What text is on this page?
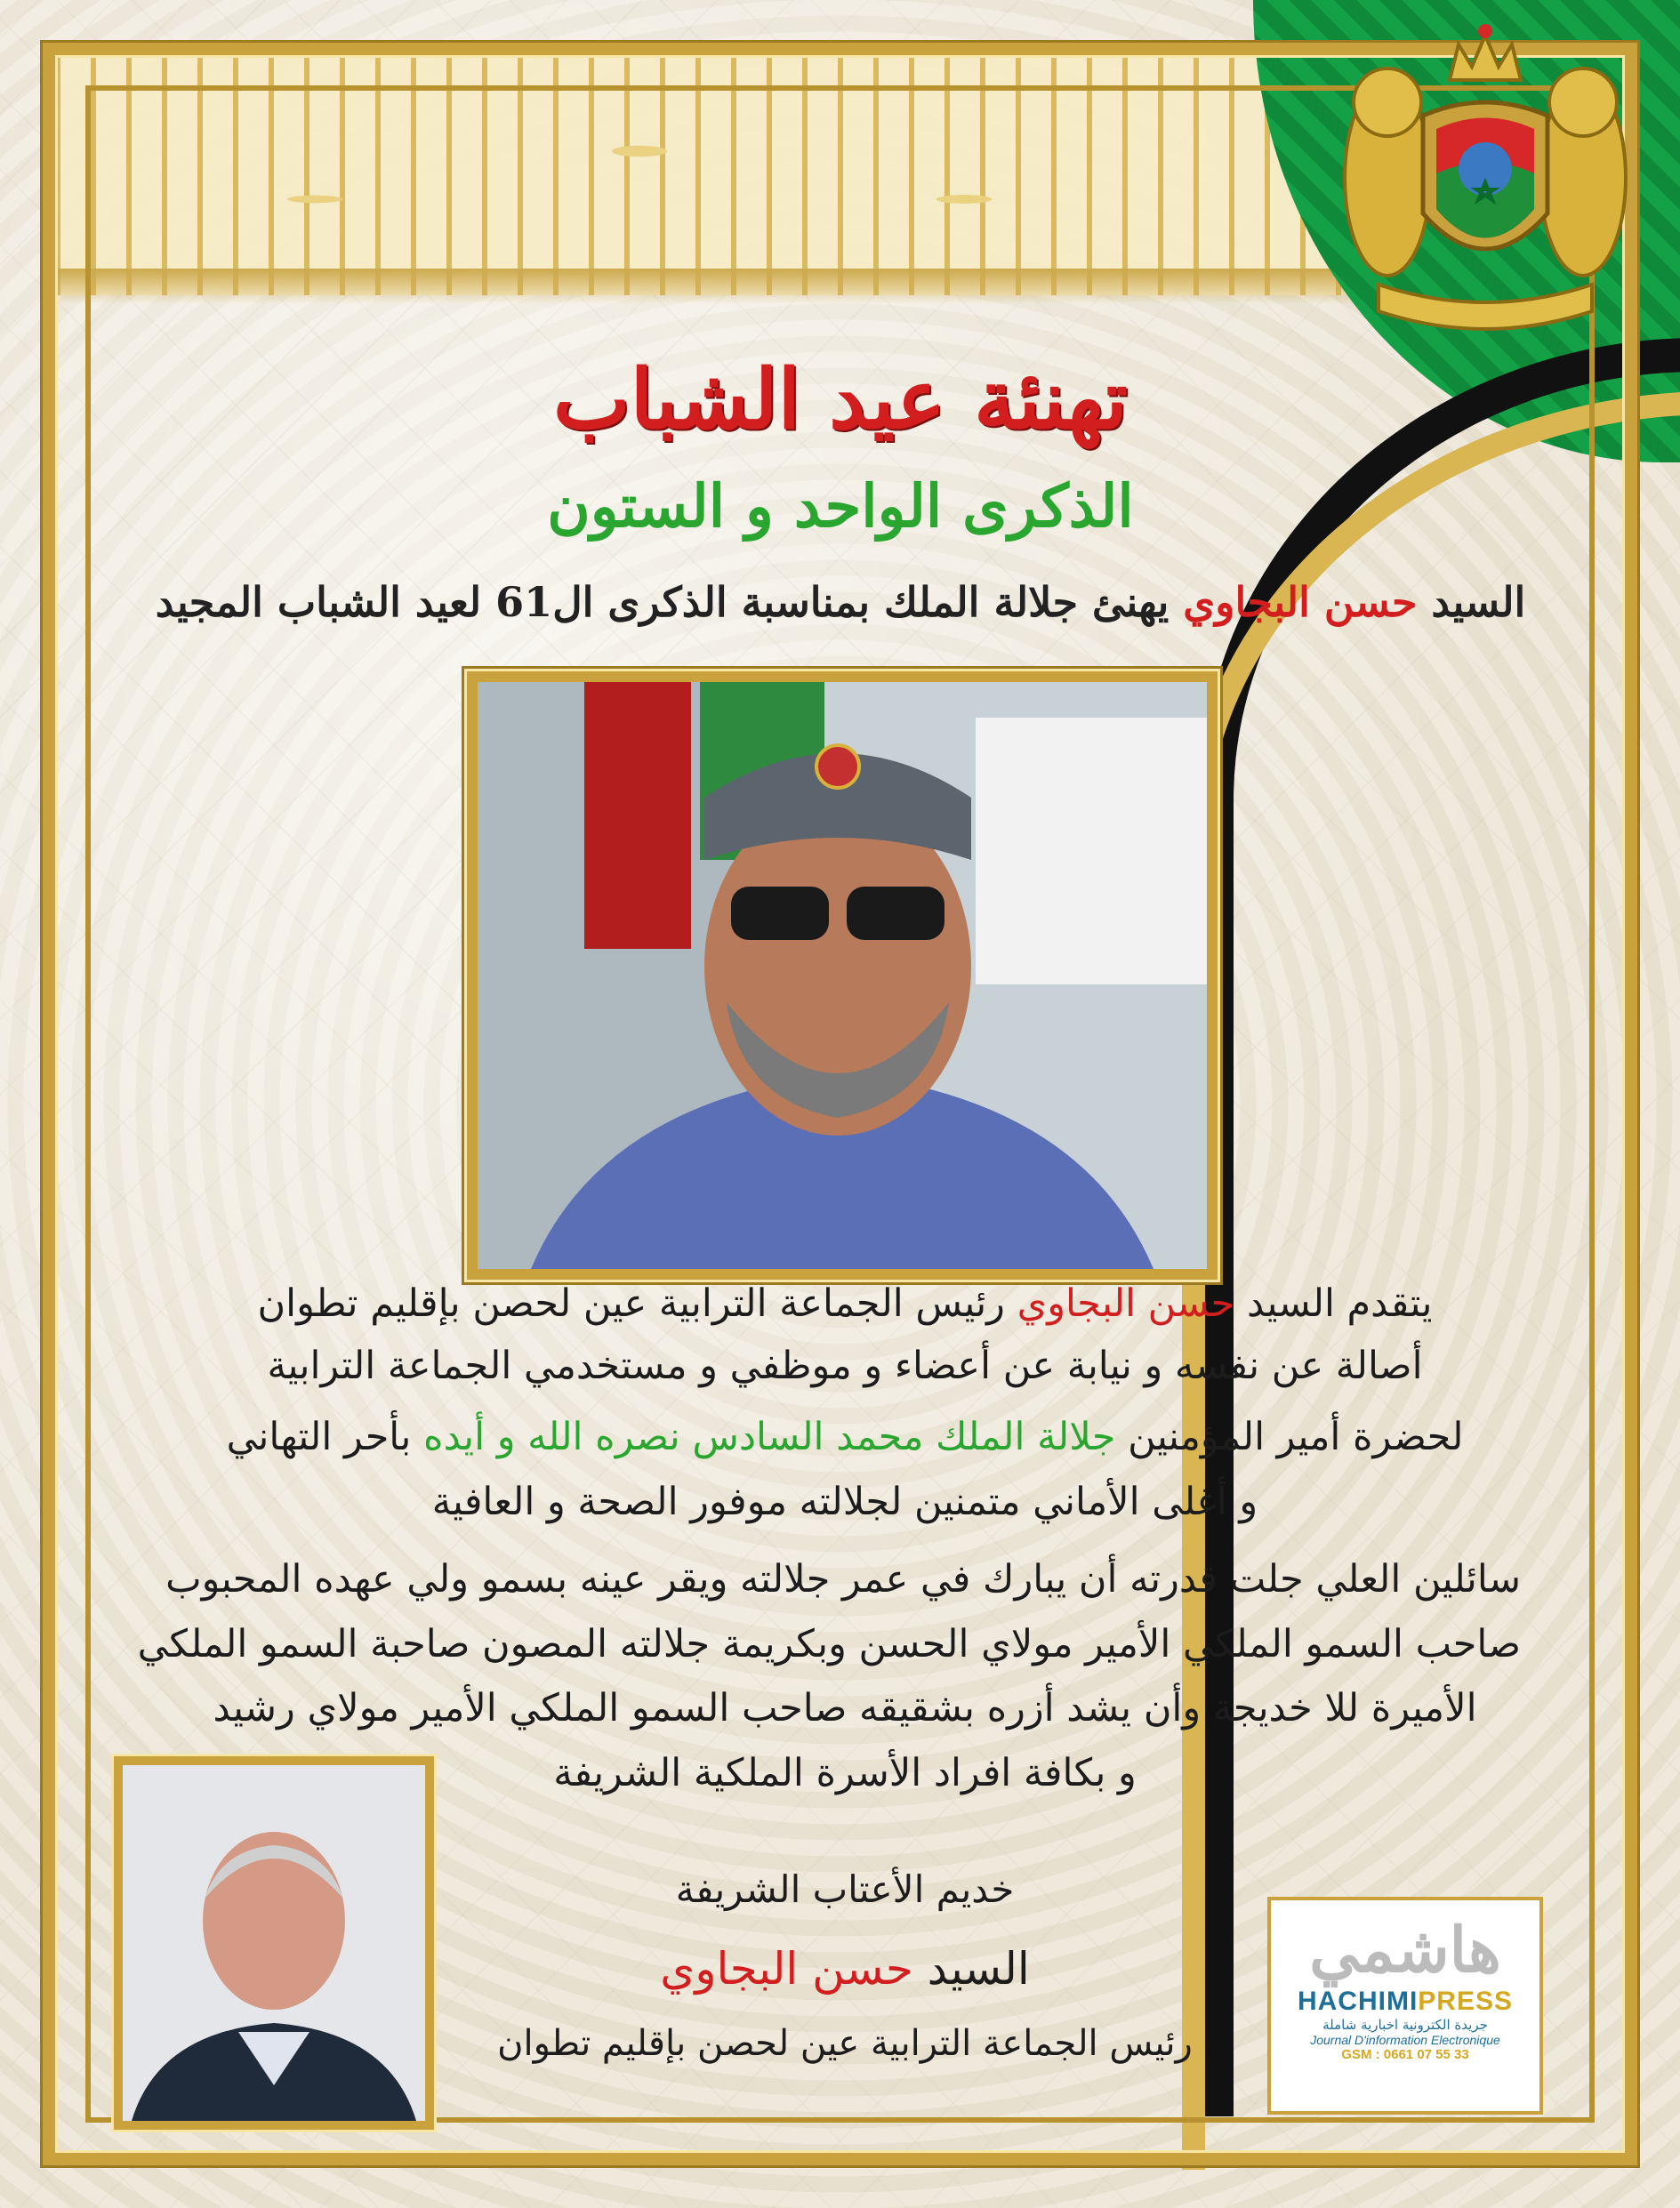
تهنئة عيد الشباب
الذكرى الواحد و الستون
السيد حسن البجاوي يهنئ جلالة الملك بمناسبة الذكرى ال61 لعيد الشباب المجيد
يتقدم السيد حسن البجاوي رئيس الجماعة الترابية عين لحصن بإقليم تطوان
أصالة عن نفسه و نيابة عن أعضاء و موظفي و مستخدمي الجماعة الترابية
لحضرة أمير المؤمنين جلالة الملك محمد السادس نصره الله و أيده بأحر التهاني
و أغلى الأماني متمنين لجلالته موفور الصحة و العافية
سائلين العلي جلت قدرته أن يبارك في عمر جلالته ويقر عينه بسمو ولي عهده المحبوب
صاحب السمو الملكي الأمير مولاي الحسن وبكريمة جلالته المصون صاحبة السمو الملكي
الأميرة للا خديجة وأن يشد أزره بشقيقه صاحب السمو الملكي الأمير مولاي رشيد
و بكافة افراد الأسرة الملكية الشريفة
خديم الأعتاب الشريفة
السيد حسن البجاوي
رئيس الجماعة الترابية عين لحصن بإقليم تطوان
هاشمي
HACHIMIPRESS
جريدة الكترونية اخبارية شاملة
Journal D'information Electronique
GSM : 0661 07 55 33
